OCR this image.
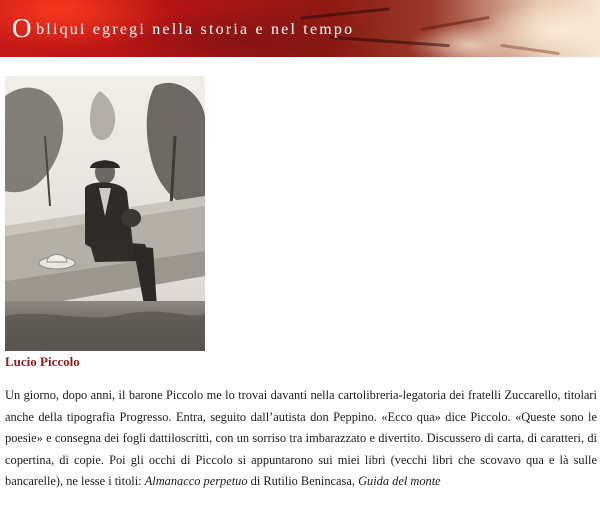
Obliqui egregi nella storia e nel tempo
Lucio Piccolo

Un giorno, dopo anni, il barone Piccolo me lo trovai davanti nella cartolibreria-legatoria dei fratelli Zuccarello, titolari anche della tipografia Progresso. Entra, seguito dall’autista don Peppino. «Ecco qua» dice Piccolo. «Queste sono le poesie» e consegna dei fogli dattiloscritti, con un sorriso tra imbarazzato e divertito. Discussero di carta, di caratteri, di copertina, di copie. Poi gli occhi di Piccolo si appuntarono sui miei libri (vecchi libri che scovavo qua e là sulle bancarelle), ne lesse i titoli: Almanacco perpetuo di Rutilio Benincasa, Guida del monte
